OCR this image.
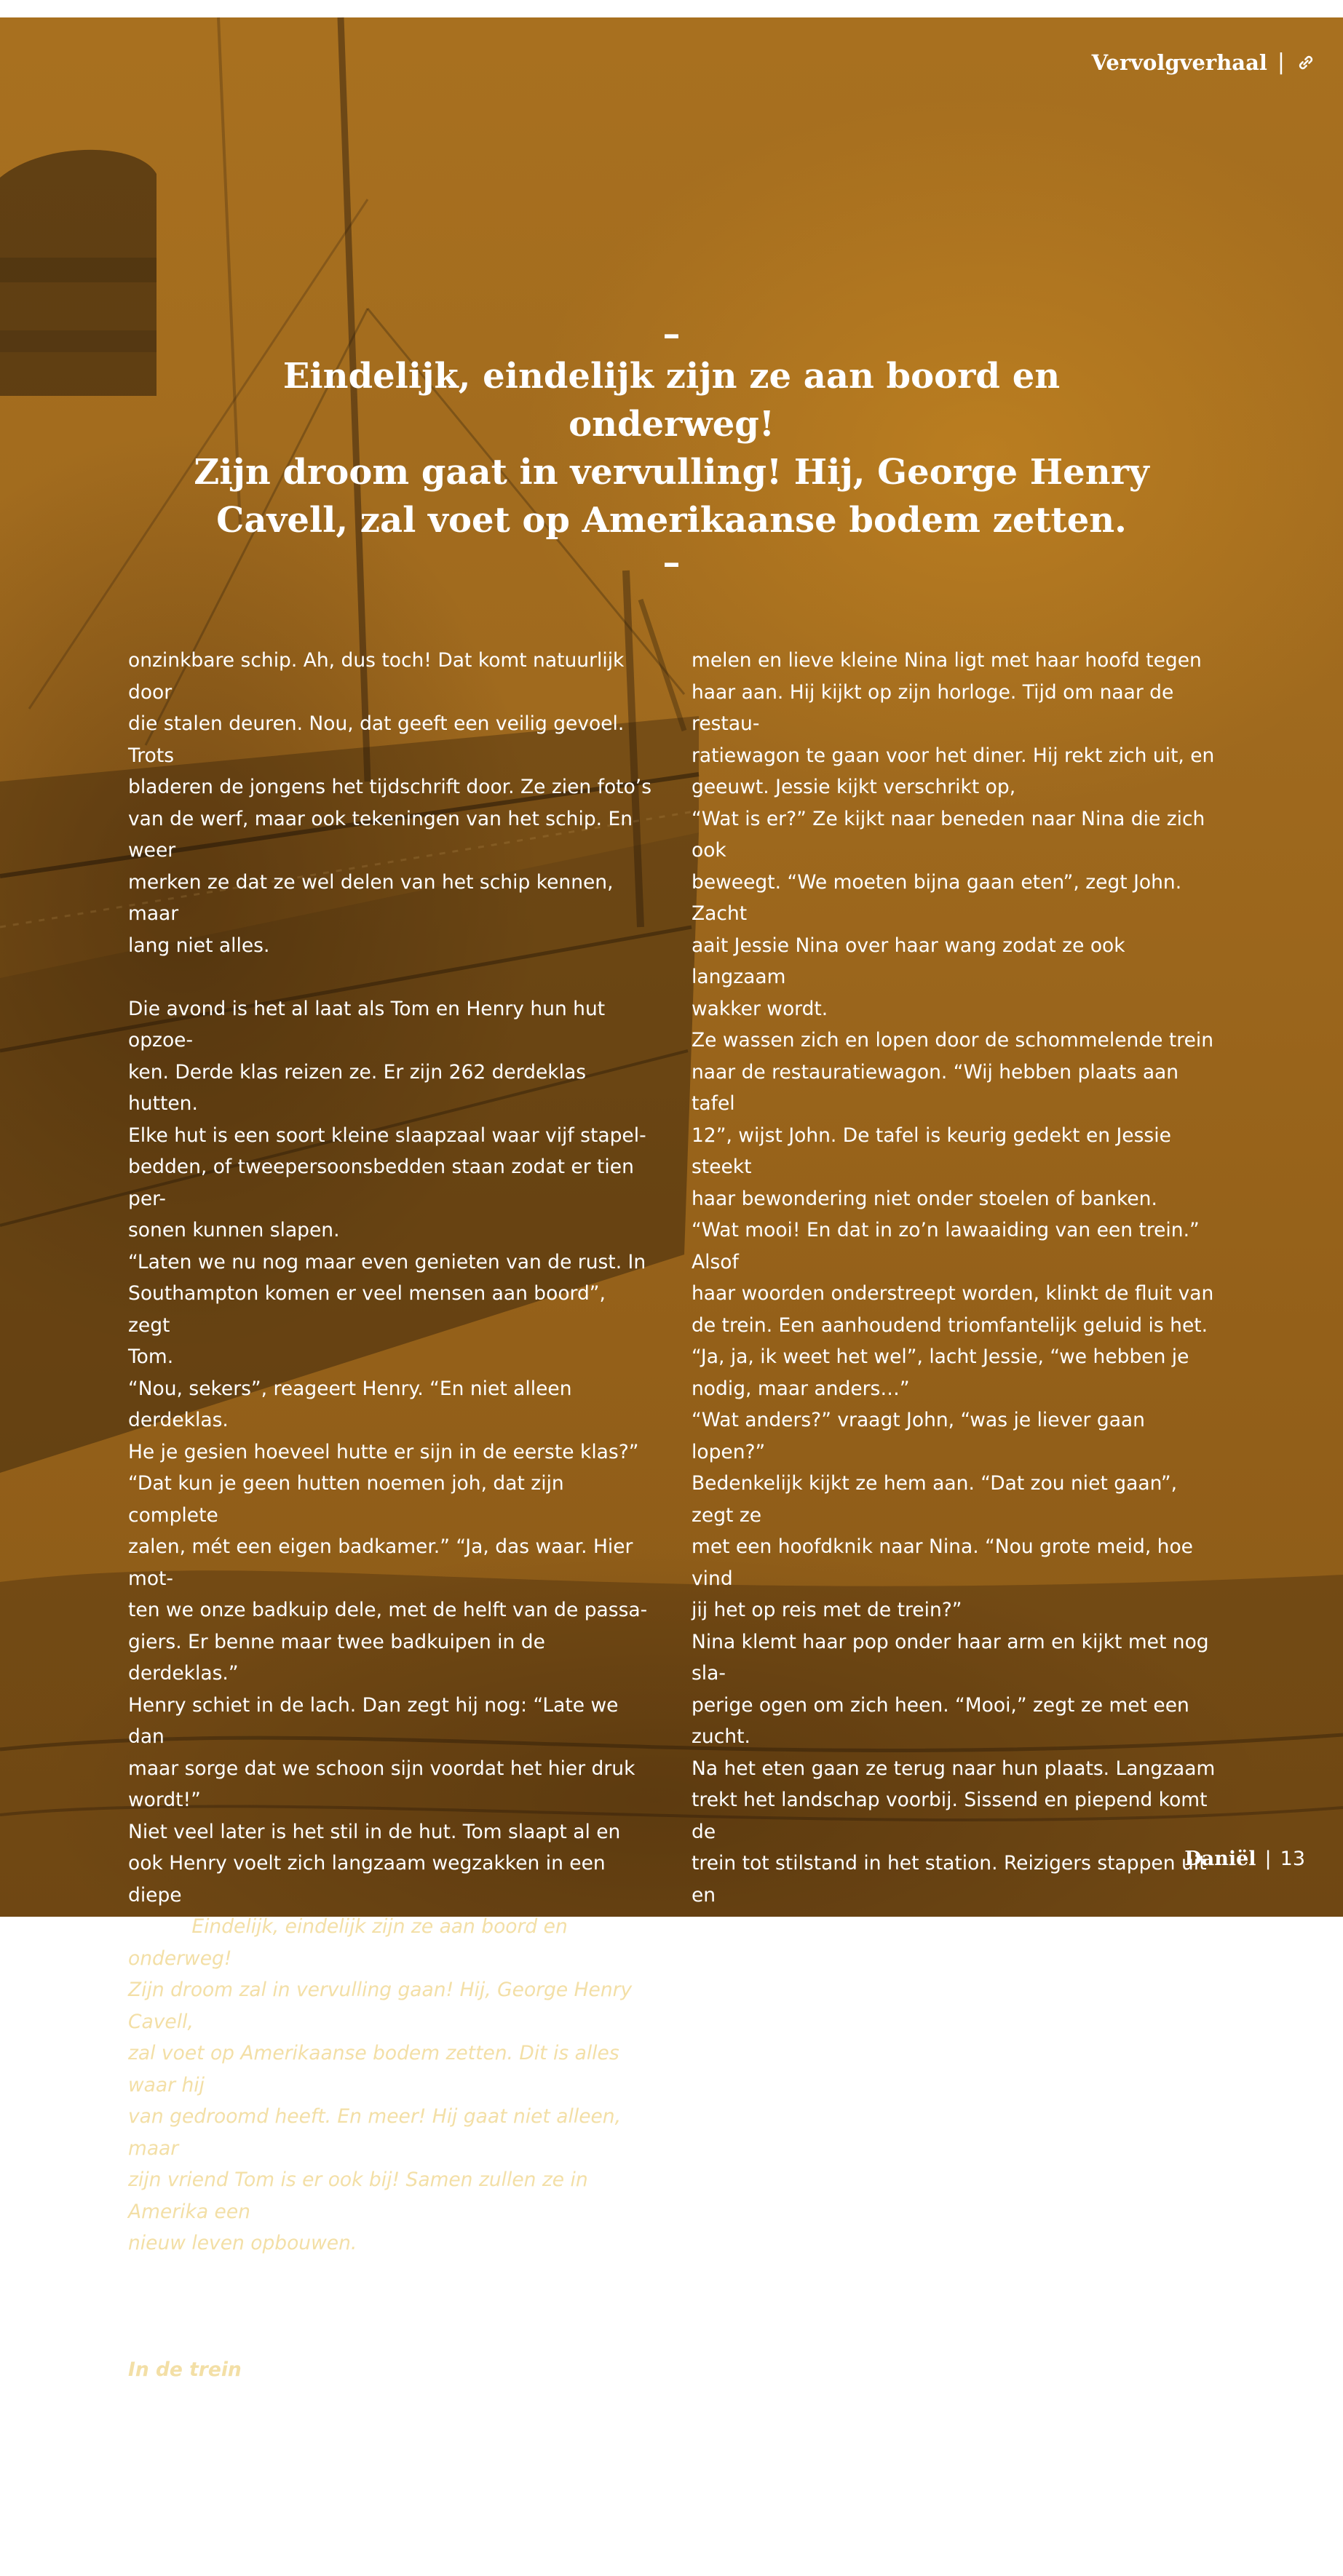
Vervolgverhaal |
–
Eindelijk, eindelijk zijn ze aan boord en onderweg!
Zijn droom gaat in vervulling! Hij, George Henry
Cavell, zal voet op Amerikaanse bodem zetten.
–

onzinkbare schip. Ah, dus toch! Dat komt natuurlijk door

die stalen deuren. Nou, dat geeft een veilig gevoel. Trots

bladeren de jongens het tijdschrift door. Ze zien foto’s

van de werf, maar ook tekeningen van het schip. En weer

merken ze dat ze wel delen van het schip kennen, maar

lang niet alles.

Die avond is het al laat als Tom en Henry hun hut opzoe-

ken. Derde klas reizen ze. Er zijn 262 derdeklas hutten.

Elke hut is een soort kleine slaapzaal waar vijf stapel-

bedden, of tweepersoonsbedden staan zodat er tien per-

sonen kunnen slapen.

“Laten we nu nog maar even genieten van de rust. In

Southampton komen er veel mensen aan boord”, zegt

Tom.

“Nou, sekers”, reageert Henry. “En niet alleen derdeklas.

He je gesien hoeveel hutte er sijn in de eerste klas?”

“Dat kun je geen hutten noemen joh, dat zijn complete

zalen, mét een eigen badkamer.” “Ja, das waar. Hier mot-

ten we onze badkuip dele, met de helft van de passa-

giers. Er benne maar twee badkuipen in de derdeklas.”

Henry schiet in de lach. Dan zegt hij nog: “Late we dan

maar sorge dat we schoon sijn voordat het hier druk

wordt!”

Niet veel later is het stil in de hut. Tom slaapt al en

ook Henry voelt zich langzaam wegzakken in een diepe

slaap. Eindelijk, eindelijk zijn ze aan boord en onderweg!

Zijn droom zal in vervulling gaan! Hij, George Henry Cavell,

zal voet op Amerikaanse bodem zetten. Dit is alles waar hij

van gedroomd heeft. En meer! Hij gaat niet alleen, maar

zijn vriend Tom is er ook bij! Samen zullen ze in Amerika een

nieuw leven opbouwen. Een tevreden glimlach speelt om

zijn lippen wanneer hij in slaap valt.

In de trein

Johns hoofd schiet voorover, hij doet snel zijn ogen open

en kijkt om zich heen. Tegenover hem zit Jessie te dom-

melen en lieve kleine Nina ligt met haar hoofd tegen

haar aan. Hij kijkt op zijn horloge. Tijd om naar de restau-

ratiewagon te gaan voor het diner. Hij rekt zich uit, en

geeuwt. Jessie kijkt verschrikt op,

“Wat is er?” Ze kijkt naar beneden naar Nina die zich ook

beweegt. “We moeten bijna gaan eten”, zegt John. Zacht

aait Jessie Nina over haar wang zodat ze ook langzaam

wakker wordt.

Ze wassen zich en lopen door de schommelende trein

naar de restauratiewagon. “Wij hebben plaats aan tafel

12”, wijst John. De tafel is keurig gedekt en Jessie steekt

haar bewondering niet onder stoelen of banken.

“Wat mooi! En dat in zo’n lawaaiding van een trein.” Alsof

haar woorden onderstreept worden, klinkt de fluit van

de trein. Een aanhoudend triomfantelijk geluid is het.

“Ja, ja, ik weet het wel”, lacht Jessie, “we hebben je

nodig, maar anders…”

“Wat anders?” vraagt John, “was je liever gaan lopen?”

Bedenkelijk kijkt ze hem aan. “Dat zou niet gaan”, zegt ze

met een hoofdknik naar Nina. “Nou grote meid, hoe vind

jij het op reis met de trein?”

Nina klemt haar pop onder haar arm en kijkt met nog sla-

perige ogen om zich heen. “Mooi,” zegt ze met een zucht.

Na het eten gaan ze terug naar hun plaats. Langzaam

trekt het landschap voorbij. Sissend en piepend komt de

trein tot stilstand in het station. Reizigers stappen uit en

nieuwe reizigers stappen in. Nina kijkt haar ogen uit. Ze

bedelt om een verhaaltje en terwijl Jessie een verhaaltje

vertelt over een pop die met de trein reist en daarna gaat

varen met een grote boot, zakken de ogen van het kleine

meisje weer dicht. John Harper leest uit zijn Bijbel, terwijl

hij zachtjes heen en weer geschud wordt door de trein.

Hij denkt aan alle mensen die op reis zijn. Ieder mens is

op reis, naar de eeuwigheid. Hij vouwt zijn handen en bidt

voor de andere reizigers in de trein, voor zijn lieve meisje

Nina en nicht Jessie, die zo goed voor haar zorgt. Hij bidt

om bescherming tijdens hun lange reis.

Daniël | 13
